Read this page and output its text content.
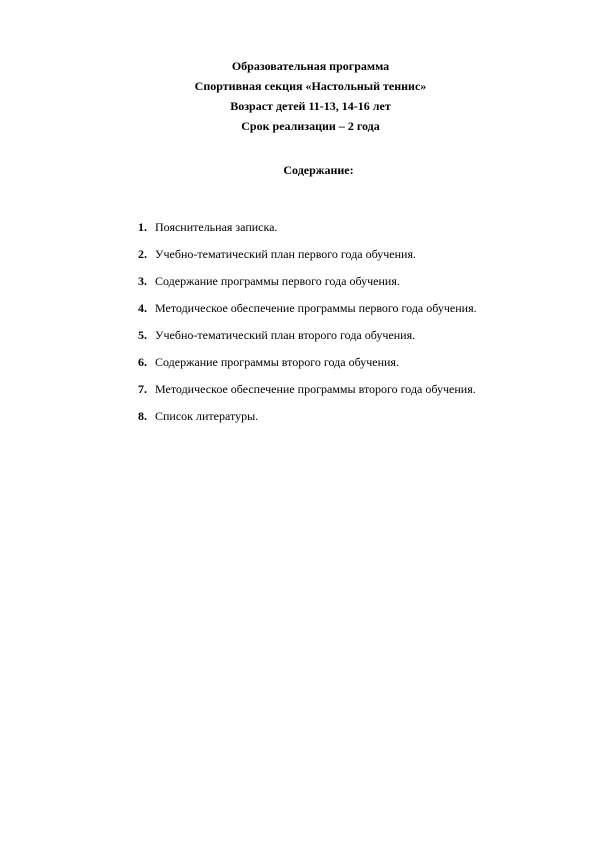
Образовательная программа
Спортивная секция «Настольный теннис»
Возраст детей 11-13, 14-16 лет
Срок реализации – 2 года
Содержание:
1. Пояснительная записка.
2. Учебно-тематический план первого года обучения.
3. Содержание программы первого года обучения.
4. Методическое обеспечение программы первого года обучения.
5. Учебно-тематический план второго года обучения.
6. Содержание программы второго года обучения.
7. Методическое обеспечение программы второго года обучения.
8. Список литературы.
